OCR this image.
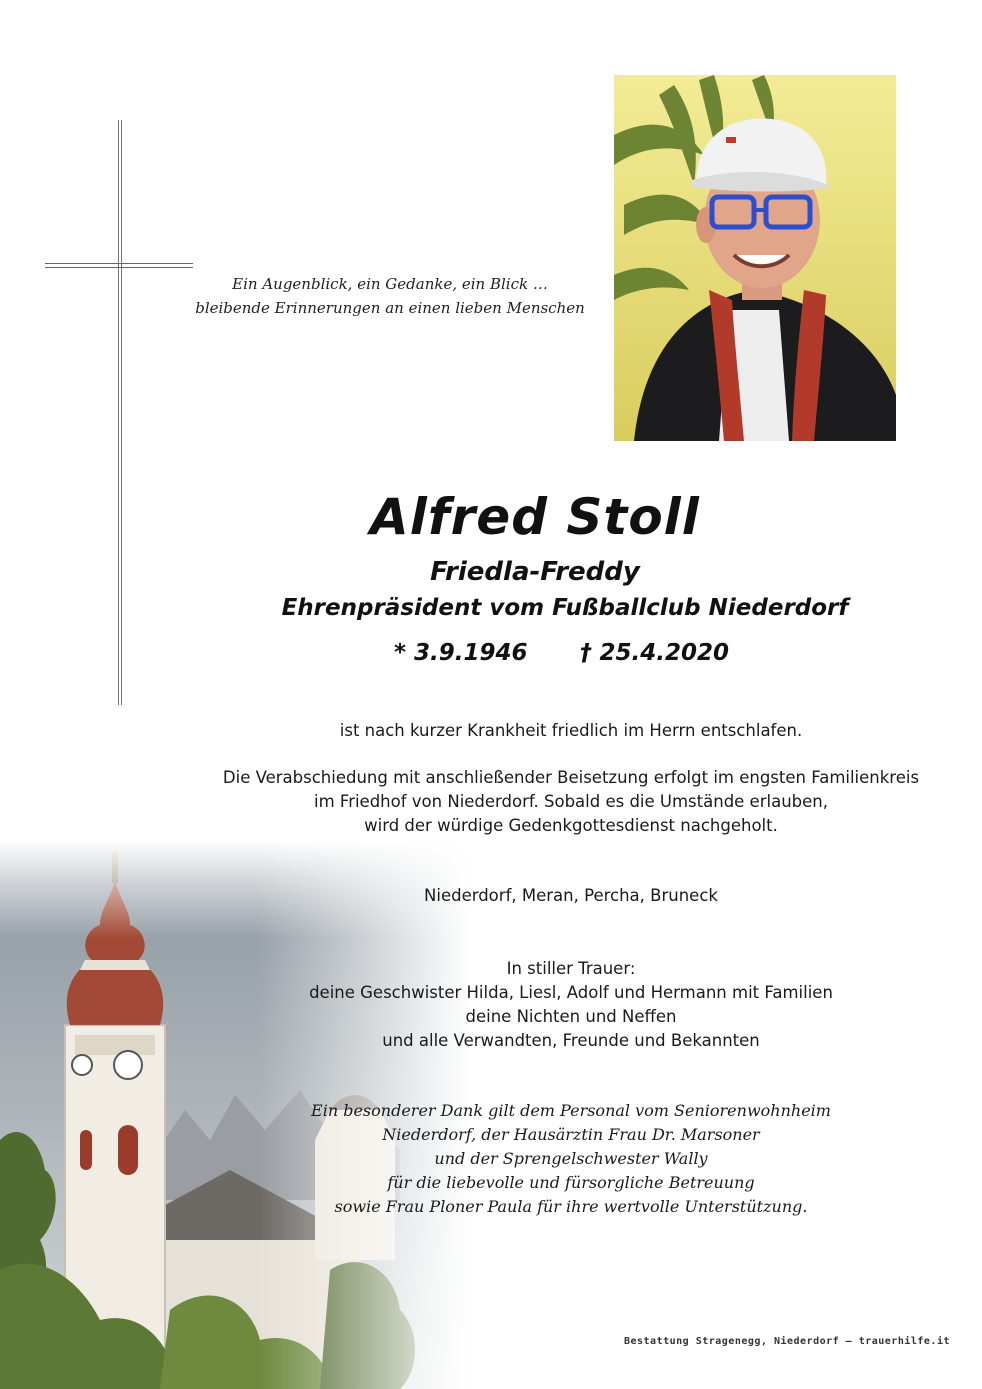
Ein Augenblick, ein Gedanke, ein Blick …
bleibende Erinnerungen an einen lieben Menschen
Alfred Stoll
Friedla-Freddy
Ehrenpräsident vom Fußballclub Niederdorf
* 3.9.1946 † 25.4.2020
ist nach kurzer Krankheit friedlich im Herrn entschlafen.
Die Verabschiedung mit anschließender Beisetzung erfolgt im engsten Familienkreis
im Friedhof von Niederdorf. Sobald es die Umstände erlauben,
wird der würdige Gedenkgottesdienst nachgeholt.
Niederdorf, Meran, Percha, Bruneck
In stiller Trauer:
deine Geschwister Hilda, Liesl, Adolf und Hermann mit Familien
deine Nichten und Neffen
und alle Verwandten, Freunde und Bekannten
Ein besonderer Dank gilt dem Personal vom Seniorenwohnheim
Niederdorf, der Hausärztin Frau Dr. Marsoner
und der Sprengelschwester Wally
für die liebevolle und fürsorgliche Betreuung
sowie Frau Ploner Paula für ihre wertvolle Unterstützung.
Bestattung Stragenegg, Niederdorf – trauerhilfe.it
